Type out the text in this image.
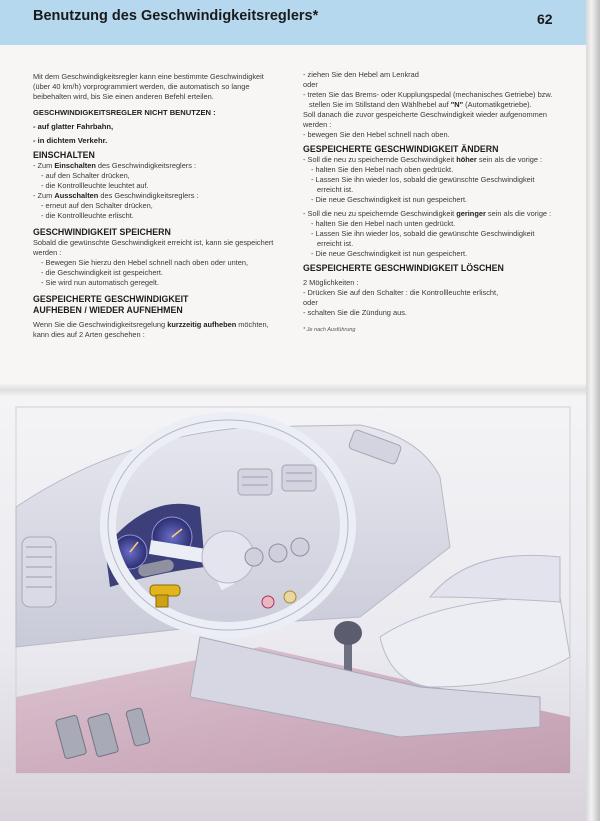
Benutzung des Geschwindigkeitsreglers*	62

Mit dem Geschwindigkeitsregler kann eine bestimmte Geschwindigkeit (über 40 km/h) vorprogrammiert werden, die automatisch so lange beibehalten wird, bis Sie einen anderen Befehl erteilen.

GESCHWINDIGKEITSREGLER NICHT BENUTZEN :

- auf glatter Fahrbahn,

- in dichtem Verkehr.

EINSCHALTEN

- Zum Einschalten des Geschwindigkeitsreglers :

- auf den Schalter drücken,

- die Kontrollleuchte leuchtet auf.

- Zum Ausschalten des Geschwindigkeitsreglers :

- erneut auf den Schalter drücken,

- die Kontrollleuchte erlischt.

GESCHWINDIGKEIT SPEICHERN

Sobald die gewünschte Geschwindigkeit erreicht ist, kann sie gespeichert werden :

- Bewegen Sie hierzu den Hebel schnell nach oben oder unten,

- die Geschwindigkeit ist gespeichert.

- Sie wird nun automatisch geregelt.

GESPEICHERTE GESCHWINDIGKEIT

AUFHEBEN / WIEDER AUFNEHMEN

Wenn Sie die Geschwindigkeitsregelung kurzzeitig aufheben möchten, kann dies auf 2 Arten geschehen :

- ziehen Sie den Hebel am Lenkrad

oder

- treten Sie das Brems- oder Kupplungspedal (mechanisches Getriebe) bzw. stellen Sie im Stillstand den Wählhebel auf "N" (Automatikgetriebe).

Soll danach die zuvor gespeicherte Geschwindigkeit wieder aufgenommen werden :

- bewegen Sie den Hebel schnell nach oben.

GESPEICHERTE GESCHWINDIGKEIT ÄNDERN

- Soll die neu zu speichernde Geschwindigkeit höher sein als die vorige :

- halten Sie den Hebel nach oben gedrückt.

- Lassen Sie ihn wieder los, sobald die gewünschte Geschwindigkeit erreicht ist.

- Die neue Geschwindigkeit ist nun gespeichert.

- Soll die neu zu speichernde Geschwindigkeit geringer sein als die vorige :

- halten Sie den Hebel nach unten gedrückt.

- Lassen Sie ihn wieder los, sobald die gewünschte Geschwindigkeit erreicht ist.

- Die neue Geschwindigkeit ist nun gespeichert.

GESPEICHERTE GESCHWINDIGKEIT LÖSCHEN

2 Möglichkeiten :

- Drücken Sie auf den Schalter : die Kontrollleuchte erlischt,

oder

- schalten Sie die Zündung aus.

* Je nach Ausführung
